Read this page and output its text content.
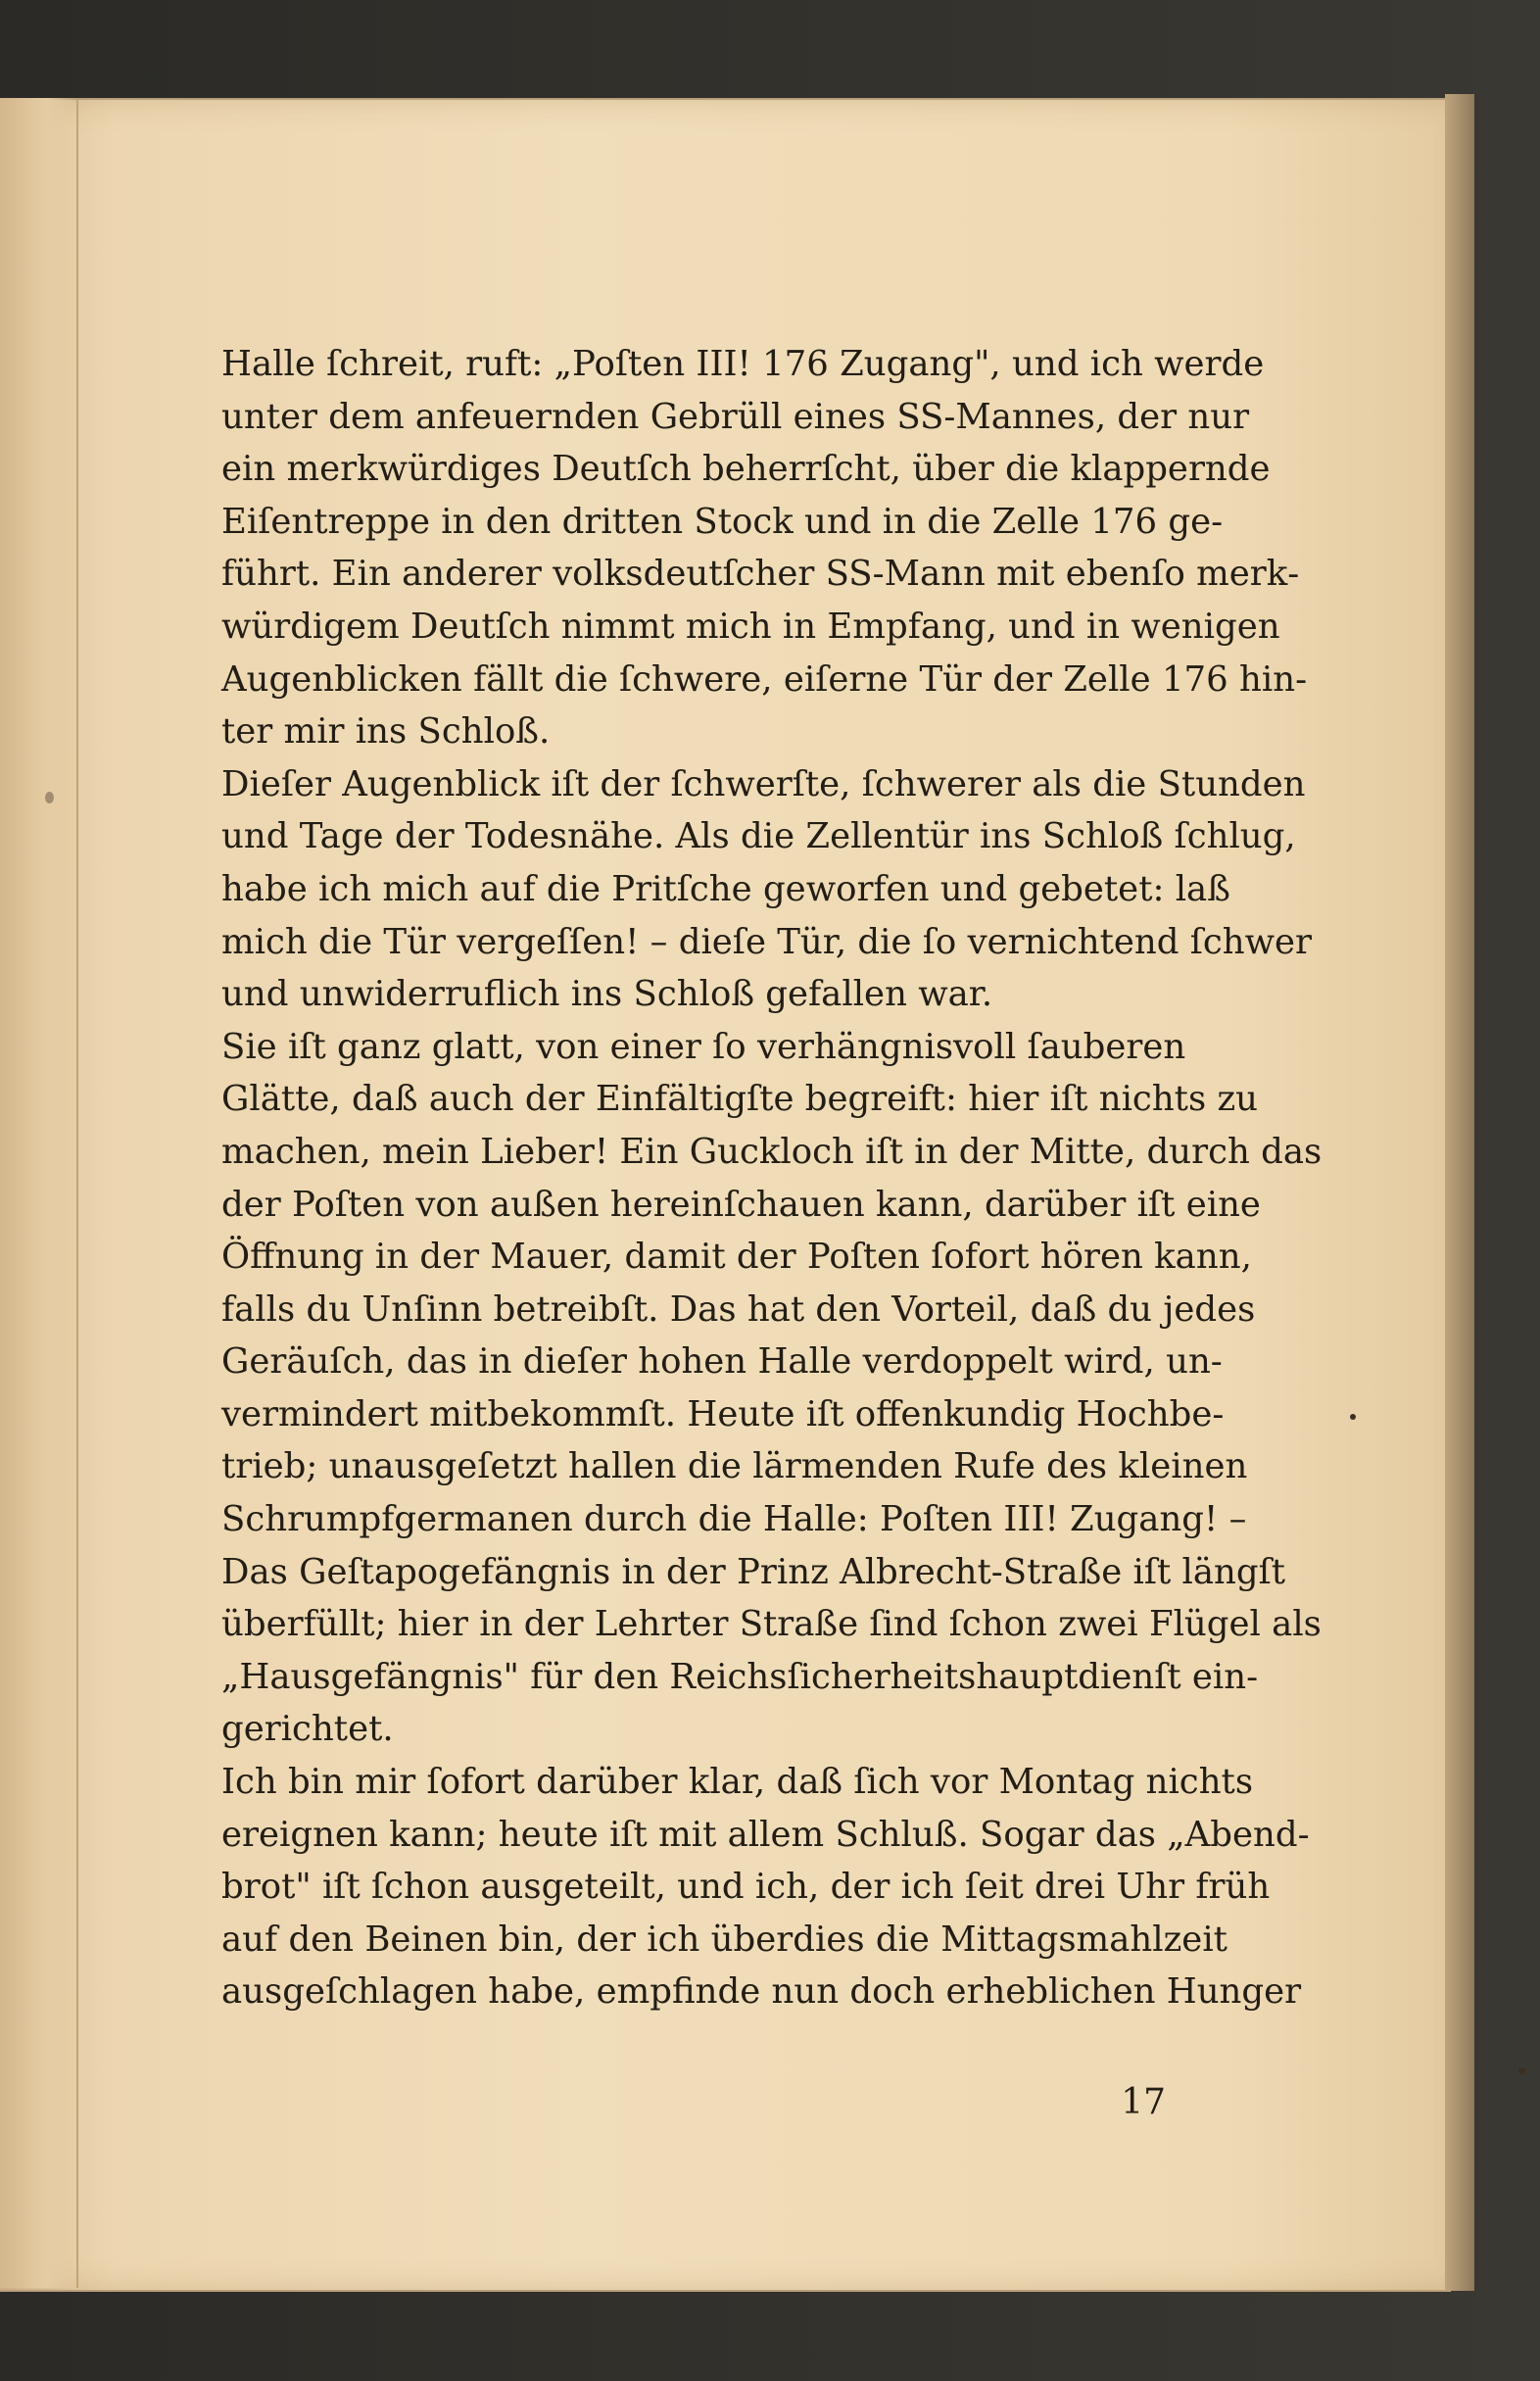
Halle ſchreit, ruft: „Poſten III! 176 Zugang", und ich werde
unter dem anfeuernden Gebrüll eines SS‐Mannes, der nur
ein merkwürdiges Deutſch beherrſcht, über die klappernde
Eiſentreppe in den dritten Stock und in die Zelle 176 ge‐
führt. Ein anderer volksdeutſcher SS‐Mann mit ebenſo merk‐
würdigem Deutſch nimmt mich in Empfang, und in wenigen
Augenblicken fällt die ſchwere, eiſerne Tür der Zelle 176 hin‐
ter mir ins Schloß.
Dieſer Augenblick iſt der ſchwerſte, ſchwerer als die Stunden
und Tage der Todesnähe. Als die Zellentür ins Schloß ſchlug,
habe ich mich auf die Pritſche geworfen und gebetet: laß
mich die Tür vergeſſen! – dieſe Tür, die ſo vernichtend ſchwer
und unwiderruflich ins Schloß gefallen war.
Sie iſt ganz glatt, von einer ſo verhängnisvoll ſauberen
Glätte, daß auch der Einfältigſte begreift: hier iſt nichts zu
machen, mein Lieber! Ein Guckloch iſt in der Mitte, durch das
der Poſten von außen hereinſchauen kann, darüber iſt eine
Öffnung in der Mauer, damit der Poſten ſofort hören kann,
falls du Unſinn betreibſt. Das hat den Vorteil, daß du jedes
Geräuſch, das in dieſer hohen Halle verdoppelt wird, un‐
vermindert mitbekommſt. Heute iſt offenkundig Hochbe‐
trieb; unausgeſetzt hallen die lärmenden Rufe des kleinen
Schrumpfgermanen durch die Halle: Poſten III! Zugang! –
Das Geſtapogefängnis in der Prinz Albrecht‐Straße iſt längſt
überfüllt; hier in der Lehrter Straße ſind ſchon zwei Flügel als
„Hausgefängnis" für den Reichsſicherheitshauptdienſt ein‐
gerichtet.
Ich bin mir ſofort darüber klar, daß ſich vor Montag nichts
ereignen kann; heute iſt mit allem Schluß. Sogar das „Abend‐
brot" iſt ſchon ausgeteilt, und ich, der ich ſeit drei Uhr früh
auf den Beinen bin, der ich überdies die Mittagsmahlzeit
ausgeſchlagen habe, empfinde nun doch erheblichen Hunger
17
